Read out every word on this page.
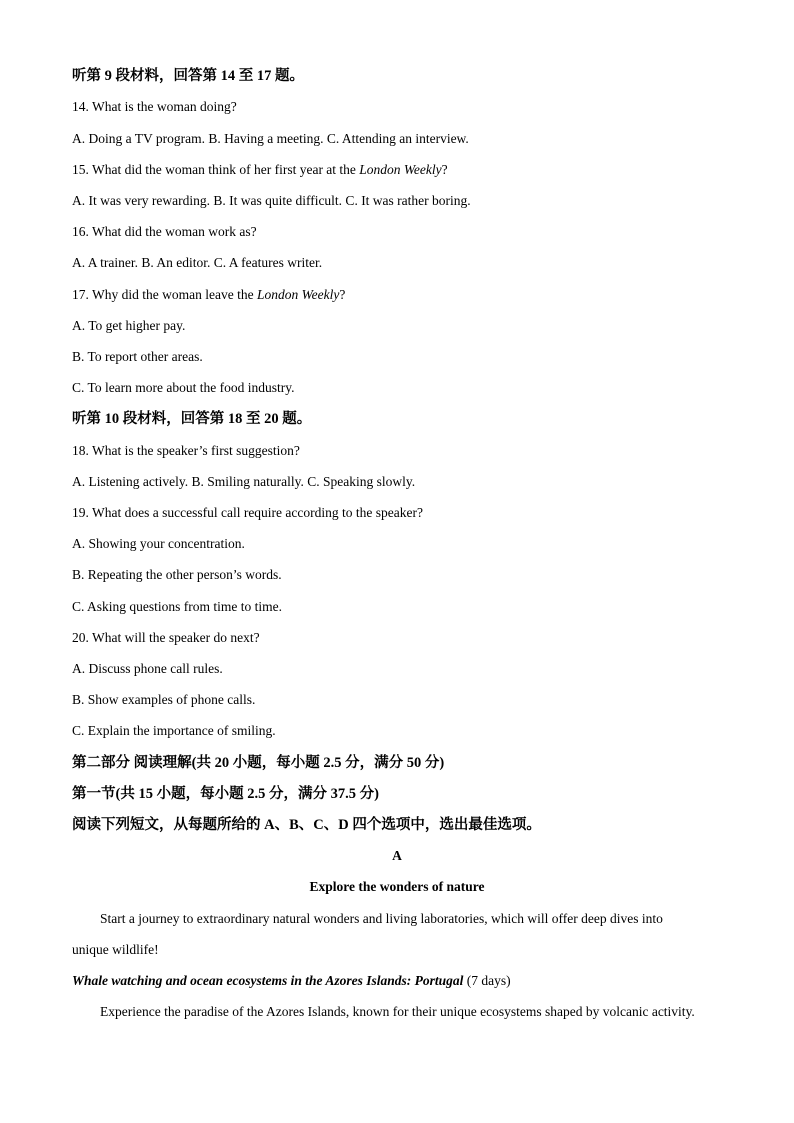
听第 9 段材料，回答第 14 至 17 题。
14. What is the woman doing?
A. Doing a TV program. B. Having a meeting. C. Attending an interview.
15. What did the woman think of her first year at the London Weekly?
A. It was very rewarding. B. It was quite difficult. C. It was rather boring.
16. What did the woman work as?
A. A trainer. B. An editor. C. A features writer.
17. Why did the woman leave the London Weekly?
A. To get higher pay.
B. To report other areas.
C. To learn more about the food industry.
听第 10 段材料，回答第 18 至 20 题。
18. What is the speaker’s first suggestion?
A. Listening actively. B. Smiling naturally. C. Speaking slowly.
19. What does a successful call require according to the speaker?
A. Showing your concentration.
B. Repeating the other person’s words.
C. Asking questions from time to time.
20. What will the speaker do next?
A. Discuss phone call rules.
B. Show examples of phone calls.
C. Explain the importance of smiling.
第二部分 阅读理解(共 20 小题，每小题 2.5 分，满分 50 分)
第一节(共 15 小题，每小题 2.5 分，满分 37.5 分)
阅读下列短文，从每题所给的 A、B、C、D 四个选项中，选出最佳选项。
A
Explore the wonders of nature
Start a journey to extraordinary natural wonders and living laboratories, which will offer deep dives into
unique wildlife!
Whale watching and ocean ecosystems in the Azores Islands: Portugal (7 days)
Experience the paradise of the Azores Islands, known for their unique ecosystems shaped by volcanic activity.
